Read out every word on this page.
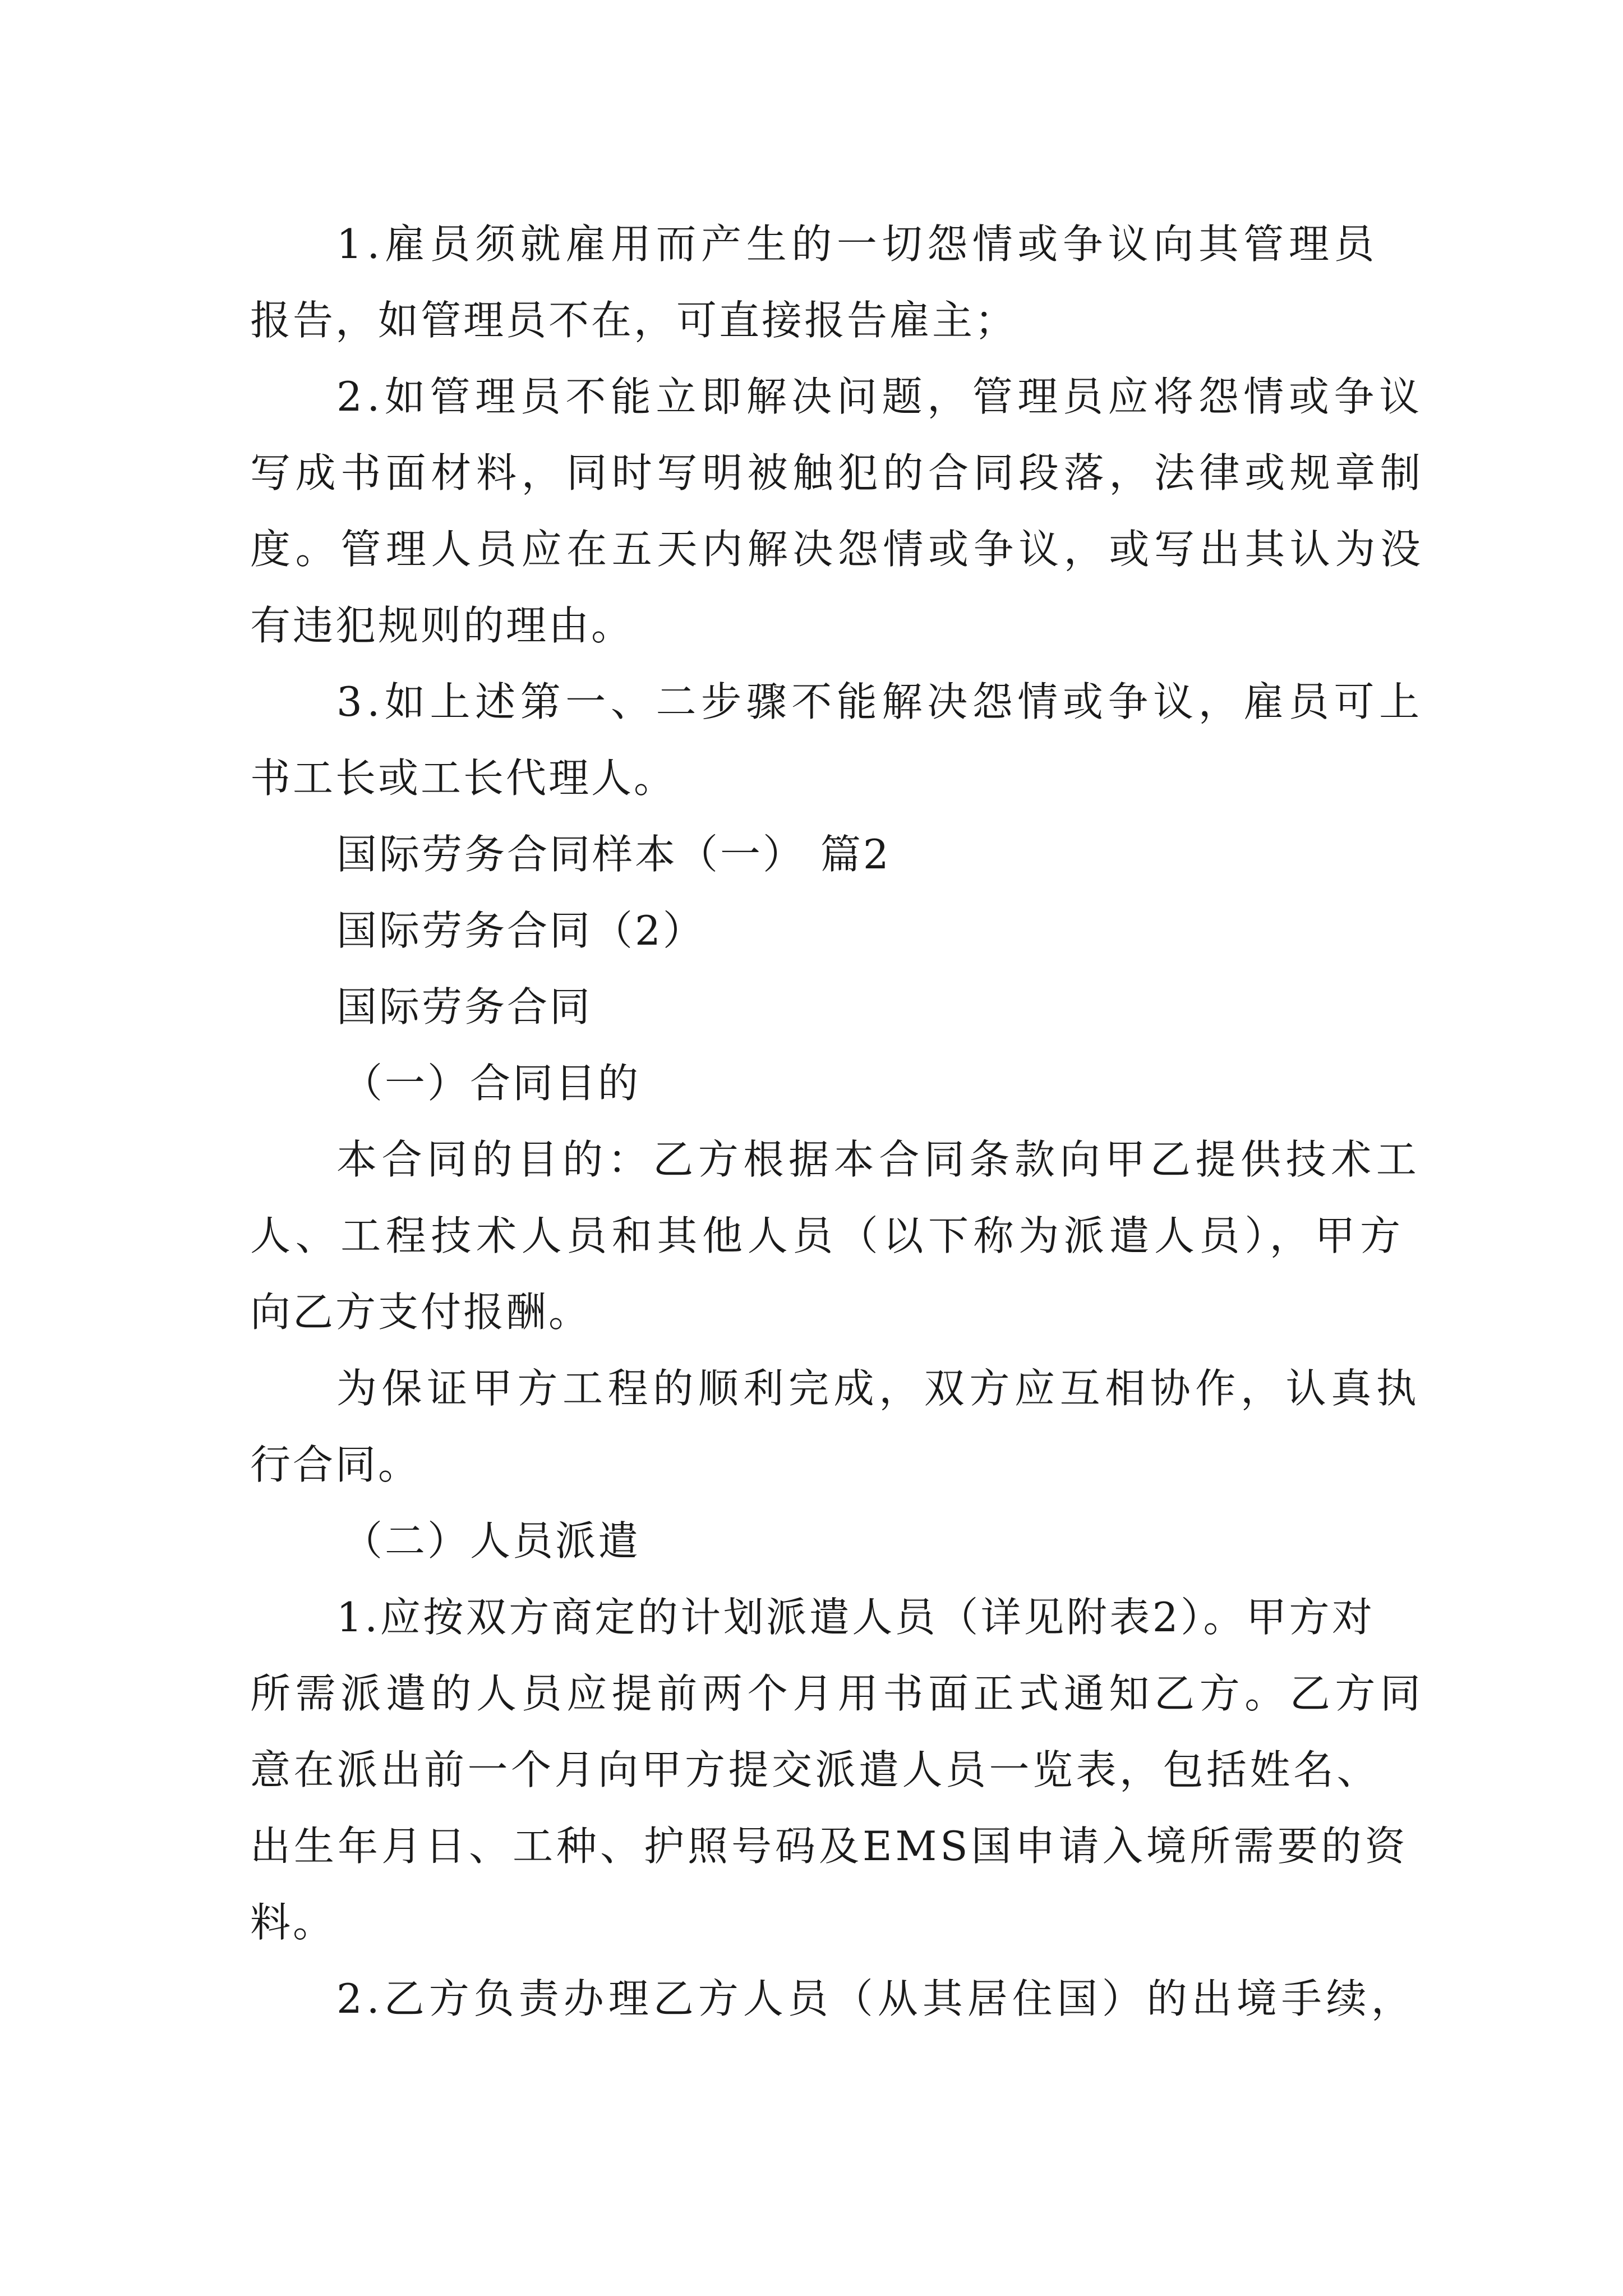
1.雇员须就雇用而产生的一切怨情或争议向其管理员

报告，如管理员不在，可直接报告雇主；

2.如管理员不能立即解决问题，管理员应将怨情或争议

写成书面材料，同时写明被触犯的合同段落，法律或规章制

度。管理人员应在五天内解决怨情或争议，或写出其认为没

有违犯规则的理由。

3.如上述第一、二步骤不能解决怨情或争议，雇员可上

书工长或工长代理人。

国际劳务合同样本（一） 篇2

国际劳务合同（2）

国际劳务合同

（一）合同目的

本合同的目的：乙方根据本合同条款向甲乙提供技术工

人、工程技术人员和其他人员（以下称为派遣人员），甲方

向乙方支付报酬。

为保证甲方工程的顺利完成，双方应互相协作，认真执

行合同。

（二）人员派遣

1.应按双方商定的计划派遣人员（详见附表2）。甲方对

所需派遣的人员应提前两个月用书面正式通知乙方。乙方同

意在派出前一个月向甲方提交派遣人员一览表，包括姓名、

出生年月日、工种、护照号码及EMS国申请入境所需要的资

料。

2.乙方负责办理乙方人员（从其居住国）的出境手续，
